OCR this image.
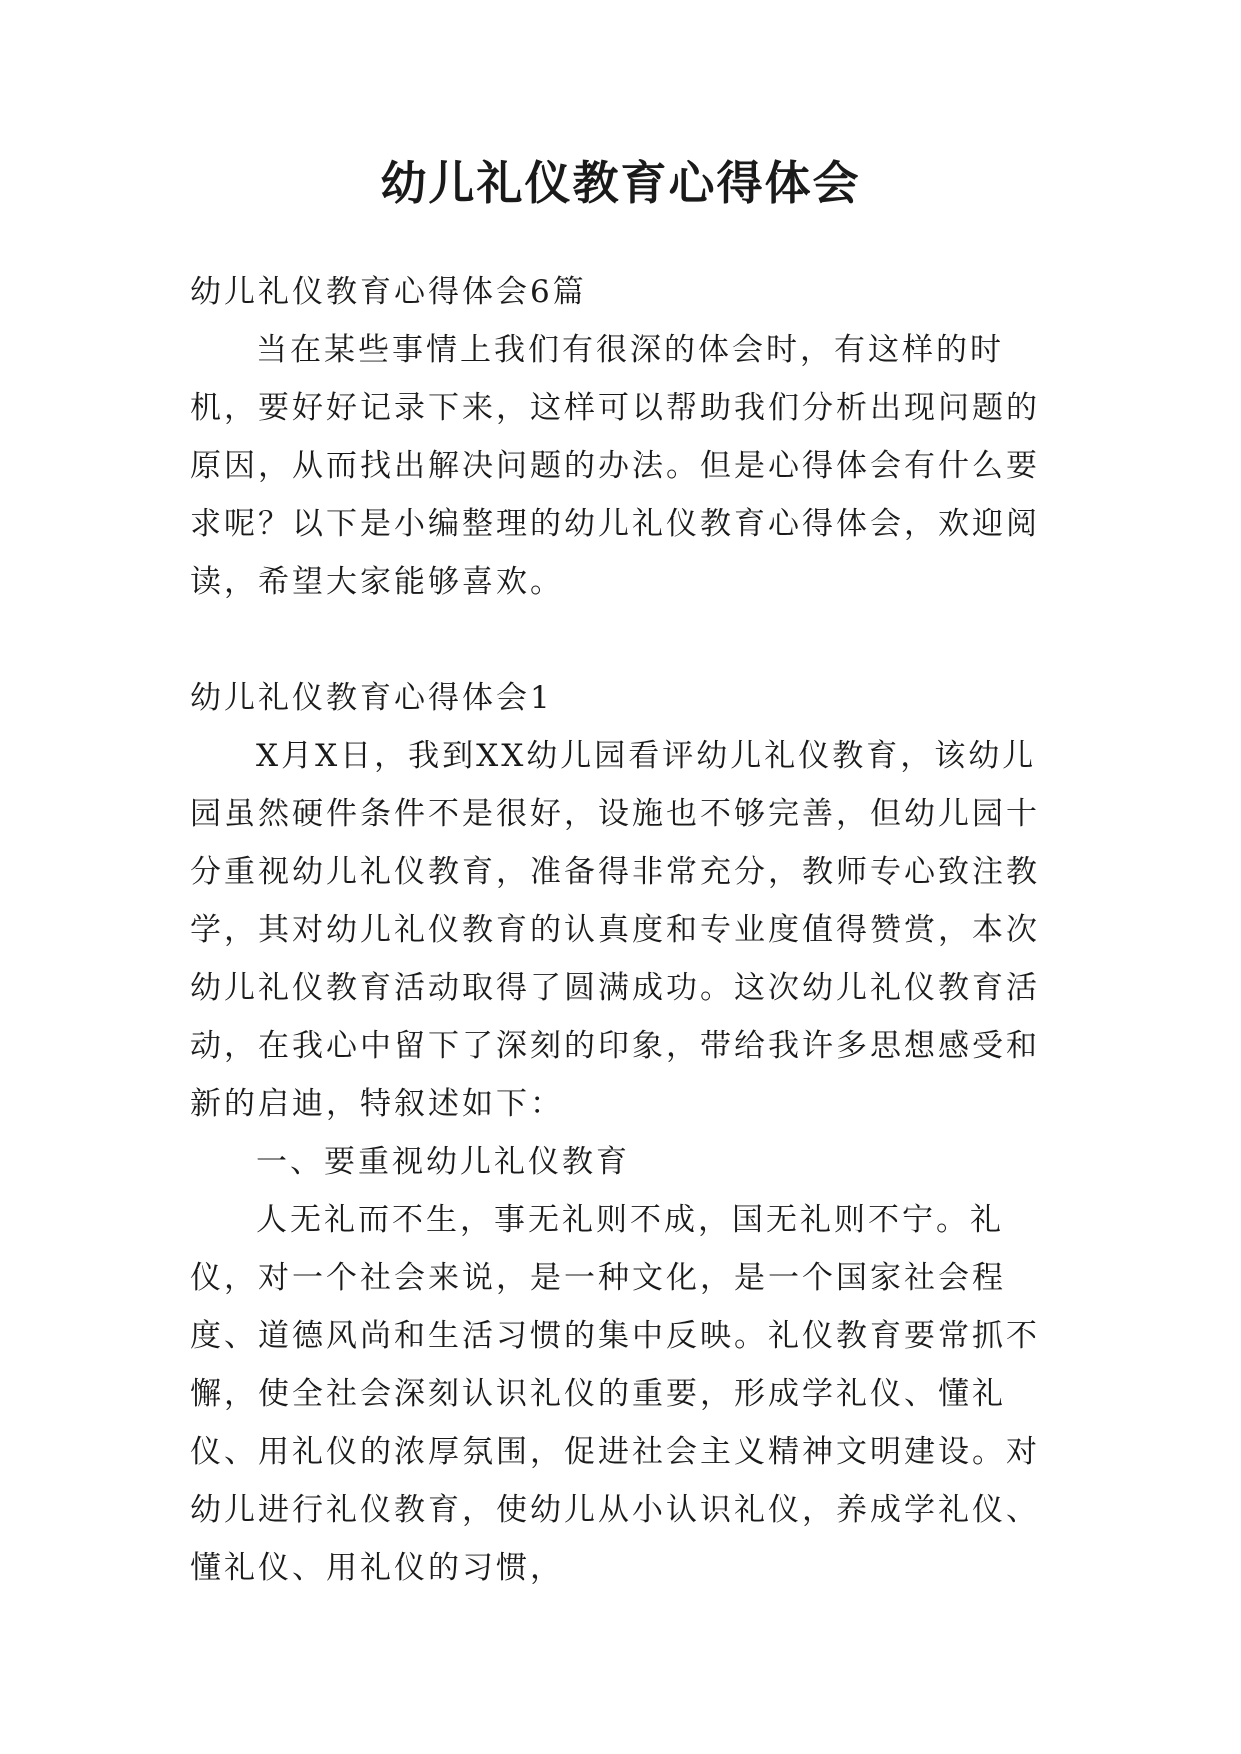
幼儿礼仪教育心得体会

幼儿礼仪教育心得体会6篇

当在某些事情上我们有很深的体会时，有这样的时机，要好好记录下来，这样可以帮助我们分析出现问题的原因，从而找出解决问题的办法。但是心得体会有什么要求呢？以下是小编整理的幼儿礼仪教育心得体会，欢迎阅读，希望大家能够喜欢。

幼儿礼仪教育心得体会1

X月X日，我到XX幼儿园看评幼儿礼仪教育，该幼儿园虽然硬件条件不是很好，设施也不够完善，但幼儿园十分重视幼儿礼仪教育，准备得非常充分，教师专心致注教学，其对幼儿礼仪教育的认真度和专业度值得赞赏，本次幼儿礼仪教育活动取得了圆满成功。这次幼儿礼仪教育活动，在我心中留下了深刻的印象，带给我许多思想感受和新的启迪，特叙述如下：

一、要重视幼儿礼仪教育

人无礼而不生，事无礼则不成，国无礼则不宁。礼仪，对一个社会来说，是一种文化，是一个国家社会程度、道德风尚和生活习惯的集中反映。礼仪教育要常抓不懈，使全社会深刻认识礼仪的重要，形成学礼仪、懂礼仪、用礼仪的浓厚氛围，促进社会主义精神文明建设。对幼儿进行礼仪教育，使幼儿从小认识礼仪，养成学礼仪、懂礼仪、用礼仪的习惯，
